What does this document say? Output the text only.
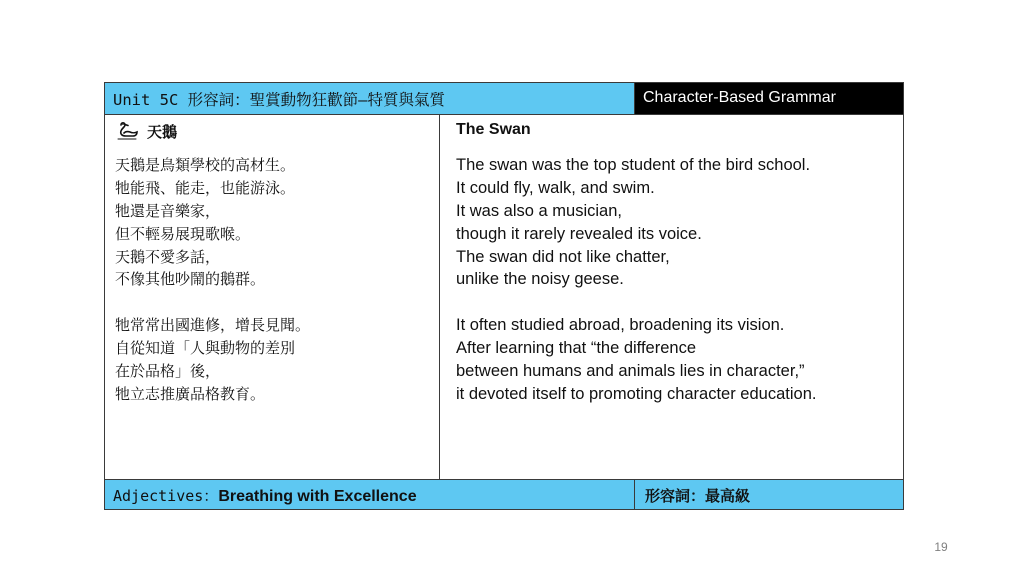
Unit 5C 形容詞：聖賞動物狂歡節—特質與氣質	Character-Based Grammar
天鵝
天鵝是鳥類學校的高材生。
牠能飛、能走，也能游泳。
牠還是音樂家，
但不輕易展現歌喉。
天鵝不愛多話，
不像其他吵鬧的鵝群。
牠常常出國進修，增長見聞。
自從知道「人與動物的差別
在於品格」後，
牠立志推廣品格教育。
The Swan
The swan was the top student of the bird school.
It could fly, walk, and swim.
It was also a musician,
though it rarely revealed its voice.
The swan did not like chatter,
unlike the noisy geese.
It often studied abroad, broadening its vision.
After learning that “the difference
between humans and animals lies in character,”
it devoted itself to promoting character education.
Adjectives：Breathing with Excellence	形容詞：最高級
19
